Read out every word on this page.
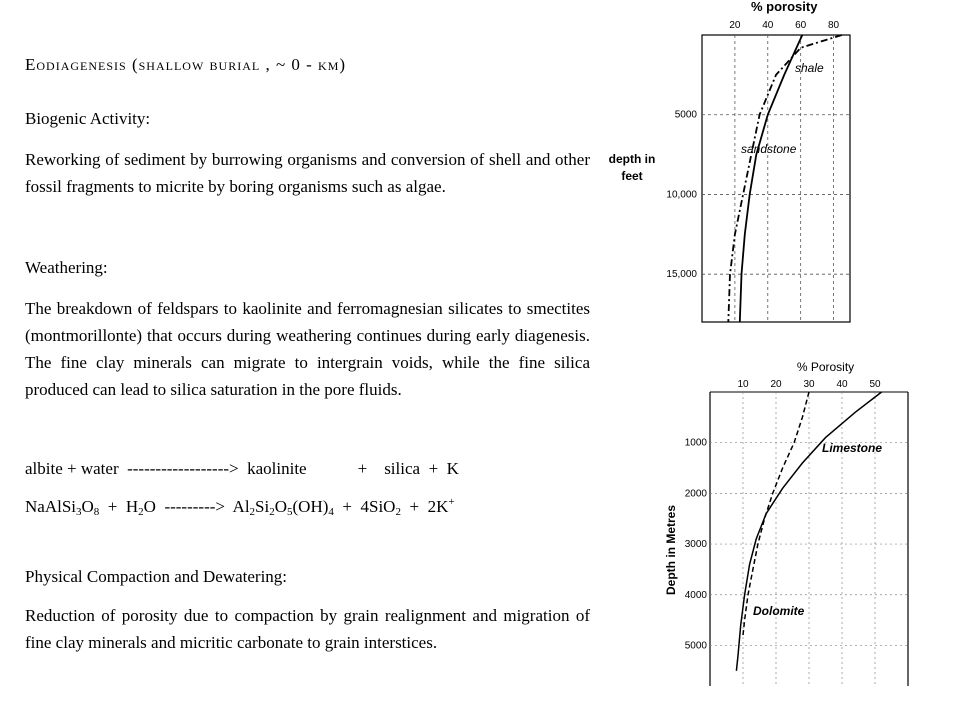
Eodiagenesis (shallow burial , ~ 0 - km)
Biogenic Activity:
Reworking of sediment by burrowing organisms and conversion of shell and other fossil fragments to micrite by boring organisms such as algae.
Weathering:
The breakdown of feldspars to kaolinite and ferromagnesian silicates to smectites (montmorillonte) that occurs during weathering continues during early diagenesis. The fine clay minerals can migrate to intergrain voids, while the fine silica produced can lead to silica saturation in the pore fluids.
albite + water ------------------> kaolinite	+ silica + K
$NaAlSi_3O_8 + H_2O$ ---------> $Al_2Si_2O_5(OH)_4 + 4SiO_2 + 2K^+$
Physical Compaction and Dewatering:
Reduction of porosity due to compaction by grain realignment and migration of fine clay minerals and micritic carbonate to grain interstices.
20 40 60 80
5000
10,000
15,000
% porosity
depth in
feet
shale
sandstone
10 20 30 40 50
1000
2000
3000
4000
5000
% Porosity
Depth in Metres
Limestone
Dolomite
